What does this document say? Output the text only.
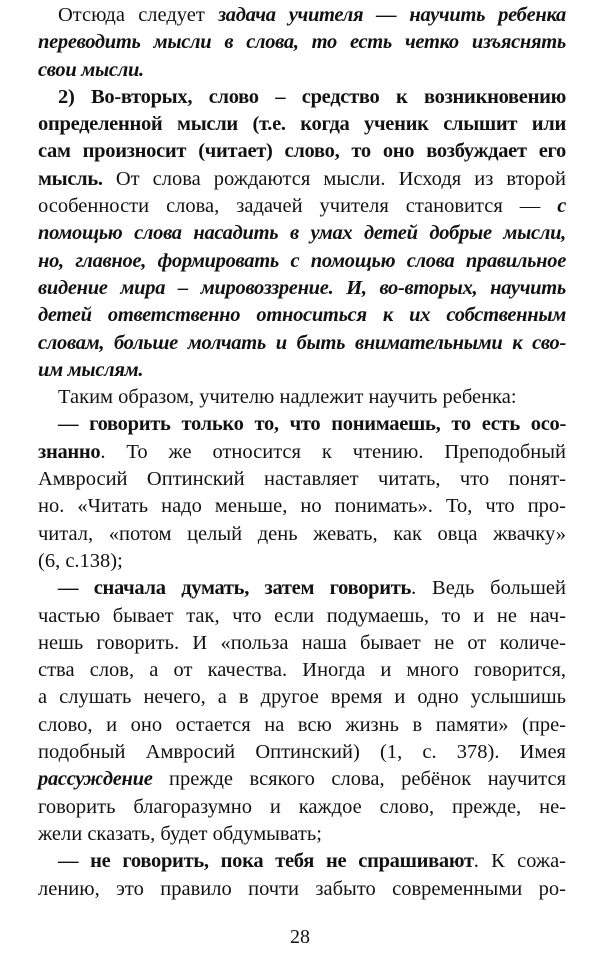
Отсюда следует задача учителя — научить ребенка
переводить мысли в слова, то есть четко изъяснять
свои мысли.
2) Во-вторых, слово – средство к возникновению
определенной мысли (т.е. когда ученик слышит или
сам произносит (читает) слово, то оно возбуждает его
мысль. От слова рождаются мысли. Исходя из второй
особенности слова, задачей учителя становится — с
помощью слова насадить в умах детей добрые мысли,
но, главное, формировать с помощью слова правильное
видение мира – мировоззрение. И, во-вторых, научить
детей ответственно относиться к их собственным
словам, больше молчать и быть внимательными к сво-
им мыслям.
Таким образом, учителю надлежит научить ребенка:
— говорить только то, что понимаешь, то есть осо-
знанно. То же относится к чтению. Преподобный
Амвросий Оптинский наставляет читать, что понят-
но. «Читать надо меньше, но понимать». То, что про-
читал, «потом целый день жевать, как овца жвачку»
(6, с.138);
— сначала думать, затем говорить. Ведь большей
частью бывает так, что если подумаешь, то и не нач-
нешь говорить. И «польза наша бывает не от количе-
ства слов, а от качества. Иногда и много говорится,
а слушать нечего, а в другое время и одно услышишь
слово, и оно остается на всю жизнь в памяти» (пре-
подобный Амвросий Оптинский) (1, с. 378). Имея
рассуждение прежде всякого слова, ребёнок научится
говорить благоразумно и каждое слово, прежде, не-
жели сказать, будет обдумывать;
— не говорить, пока тебя не спрашивают. К сожа-
лению, это правило почти забыто современными ро-
28
